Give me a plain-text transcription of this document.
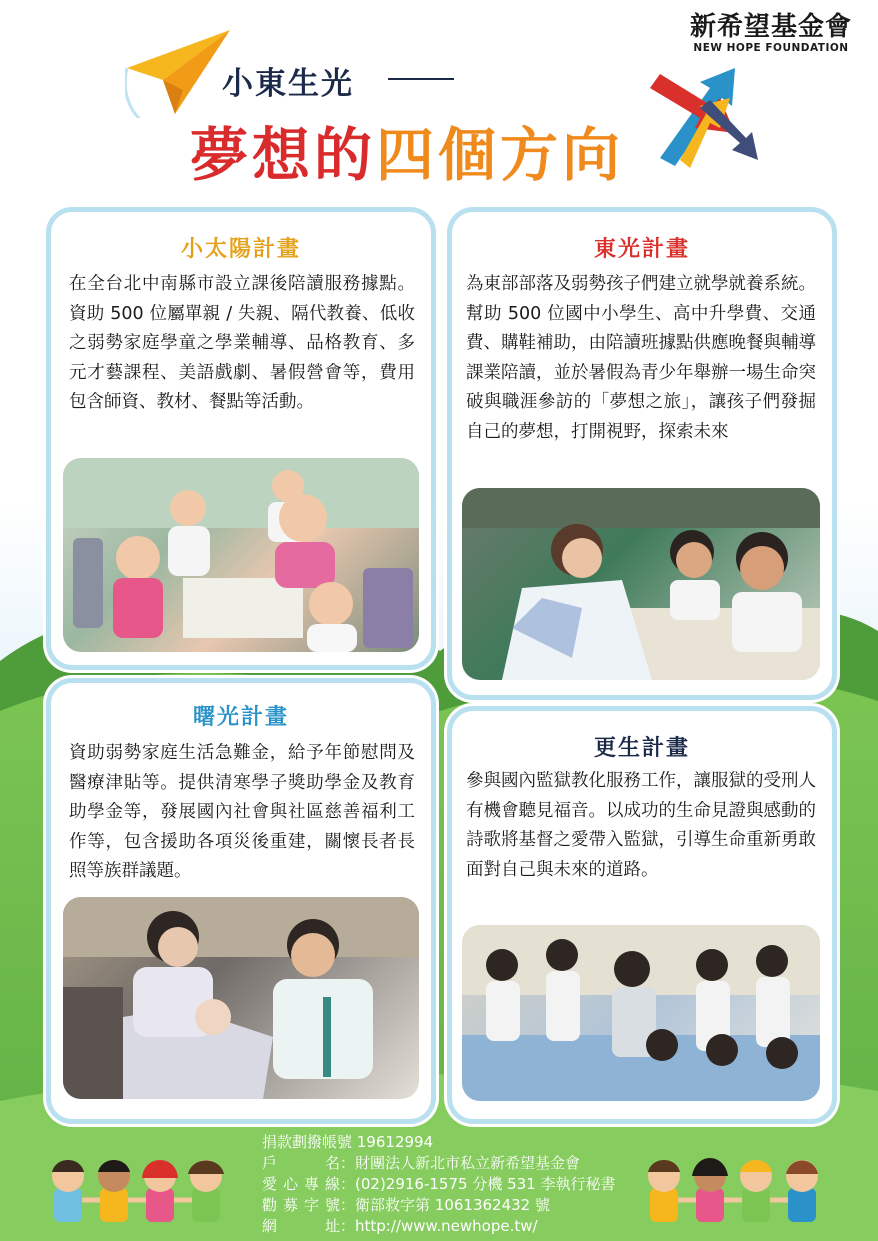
小東生光
夢想的四個方向
新希望基金會
NEW HOPE FOUNDATION
小太陽計畫
在全台北中南縣市設立課後陪讀服務據點。資助 500 位屬單親 / 失親、隔代教養、低收之弱勢家庭學童之學業輔導、品格教育、多元才藝課程、美語戲劇、暑假營會等，費用包含師資、教材、餐點等活動。
東光計畫
為東部部落及弱勢孩子們建立就學就養系統。幫助 500 位國中小學生、高中升學費、交通費、購鞋補助，由陪讀班據點供應晚餐與輔導課業陪讀，並於暑假為青少年舉辦一場生命突破與職涯參訪的「夢想之旅」，讓孩子們發掘自己的夢想，打開視野，探索未來
曙光計畫
資助弱勢家庭生活急難金，給予年節慰問及醫療津貼等。提供清寒學子獎助學金及教育助學金等，發展國內社會與社區慈善福利工作等，包含援助各項災後重建，關懷長者長照等族群議題。
更生計畫
參與國內監獄教化服務工作，讓服獄的受刑人有機會聽見福音。以成功的生命見證與感動的詩歌將基督之愛帶入監獄，引導生命重新勇敢面對自己與未來的道路。
捐款劃撥帳號 19612994
戶名 ： 財團法人新北市私立新希望基金會
愛心專線 ： (02)2916-1575 分機 531 李執行秘書
勸募字號 ： 衛部救字第 1061362432 號
網址 ： http://www.newhope.tw/
